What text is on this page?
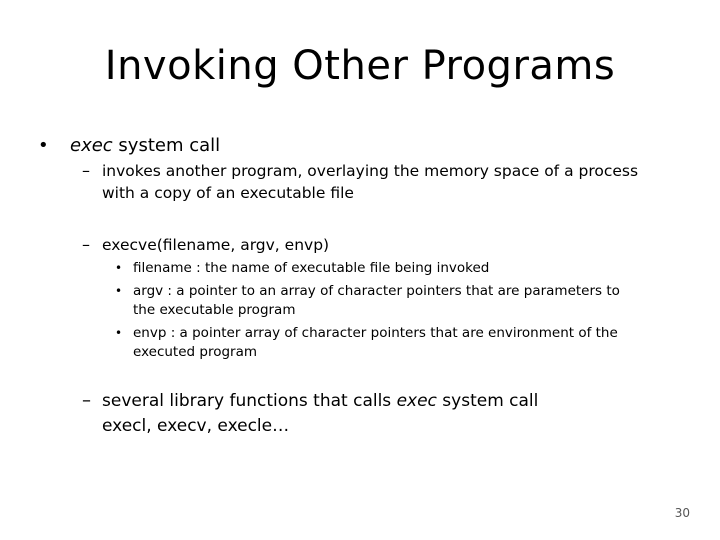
Invoking Other Programs
• exec system call
– invokes another program, overlaying the memory space of a process
with a copy of an executable file
– execve(filename, argv, envp)
• filename : the name of executable file being invoked
• argv : a pointer to an array of character pointers that are parameters to
the executable program
• envp : a pointer array of character pointers that are environment of the
executed program
– several library functions that calls exec system call
execl, execv, execle…
30
